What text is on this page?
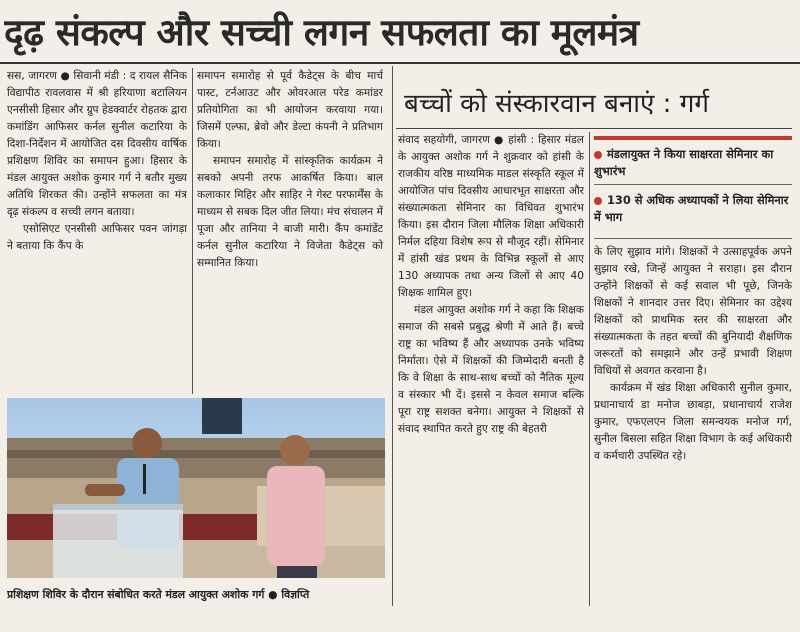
दृढ़ संकल्प और सच्ची लगन सफलता का मूलमंत्र

सस, जागरण ● सिवानी मंडी : द रायल सैनिक विद्यापीठ रावलवास में श्री हरियाणा बटालियन एनसीसी हिसार और ग्रुप हेडक्वार्टर रोहतक द्वारा कमांडिंग आफिसर कर्नल सुनील कटारिया के दिशा-निर्देशन में आयोजित दस दिवसीय वार्षिक प्रशिक्षण शिविर का समापन हुआ। हिसार के मंडल आयुक्त अशोक कुमार गर्ग ने बतौर मुख्य अतिथि शिरकत की। उन्होंने सफलता का मंत्र दृढ़ संकल्प व सच्ची लगन बताया।

एसोसिएट एनसीसी आफिसर पवन जांगड़ा ने बताया कि कैंप के

समापन समारोह से पूर्व कैडेट्स के बीच मार्च पास्ट, टर्नआउट और ओवरआल परेड कमांडर प्रतियोगिता का भी आयोजन करवाया गया। जिसमें एल्फा, ब्रेवो और डेल्टा कंपनी ने प्रतिभाग किया।

समापन समारोह में सांस्कृतिक कार्यक्रम ने सबको अपनी तरफ आकर्षित किया। बाल कलाकार मिहिर और साहिर ने गेस्ट परफार्मेंस के माध्यम से सबक दिल जीत लिया। मंच संचालन में पूजा और तानिया ने बाजी मारी। कैंप कमांडेंट कर्नल सुनील कटारिया ने विजेता कैडेट्स को सम्मानित किया।

प्रशिक्षण शिविर के दौरान संबोधित करते मंडल आयुक्त अशोक गर्ग ● विज्ञप्ति
बच्चों को संस्कारवान बनाएं : गर्ग

संवाद सहयोगी, जागरण ● हांसी : हिसार मंडल के आयुक्त अशोक गर्ग ने शुक्रवार को हांसी के राजकीय वरिष्ठ माध्यमिक माडल संस्कृति स्कूल में आयोजित पांच दिवसीय आधारभूत साक्षरता और संख्यात्मकता सेमिनार का विधिवत शुभारंभ किया। इस दौरान जिला मौलिक शिक्षा अधिकारी निर्मल दहिया विशेष रूप से मौजूद रहीं। सेमिनार में हांसी खंड प्रथम के विभिन्न स्कूलों से आए 130 अध्यापक तथा अन्य जिलों से आए 40 शिक्षक शामिल हुए।

मंडल आयुक्त अशोक गर्ग ने कहा कि शिक्षक समाज की सबसे प्रबुद्ध श्रेणी में आते हैं। बच्चे राष्ट्र का भविष्य हैं और अध्यापक उनके भविष्य निर्माता। ऐसे में शिक्षकों की जिम्मेदारी बनती है कि वे शिक्षा के साथ-साथ बच्चों को नैतिक मूल्य व संस्कार भी दें। इससे न केवल समाज बल्कि पूरा राष्ट्र सशक्त बनेगा। आयुक्त ने शिक्षकों से संवाद स्थापित करते हुए राष्ट्र की बेहतरी

मंडलायुक्त ने किया साक्षरता सेमिनार का शुभारंभ
130 से अधिक अध्यापकों ने लिया सेमिनार में भाग

के लिए सुझाव मांगे। शिक्षकों ने उत्साहपूर्वक अपने सुझाव रखे, जिन्हें आयुक्त ने सराहा। इस दौरान उन्होंने शिक्षकों से कई सवाल भी पूछे, जिनके शिक्षकों ने शानदार उत्तर दिए। सेमिनार का उद्देश्य शिक्षकों को प्राथमिक स्तर की साक्षरता और संख्यात्मकता के तहत बच्चों की बुनियादी शैक्षणिक जरूरतों को समझाने और उन्हें प्रभावी शिक्षण विधियों से अवगत करवाना है।

कार्यक्रम में खंड शिक्षा अधिकारी सुनील कुमार, प्रधानाचार्य डा मनोज छाबड़ा, प्रधानाचार्य राजेश कुमार, एफएलएन जिला समन्वयक मनोज गर्ग, सुनील बिसला सहित शिक्षा विभाग के कई अधिकारी व कर्मचारी उपस्थित रहे।
